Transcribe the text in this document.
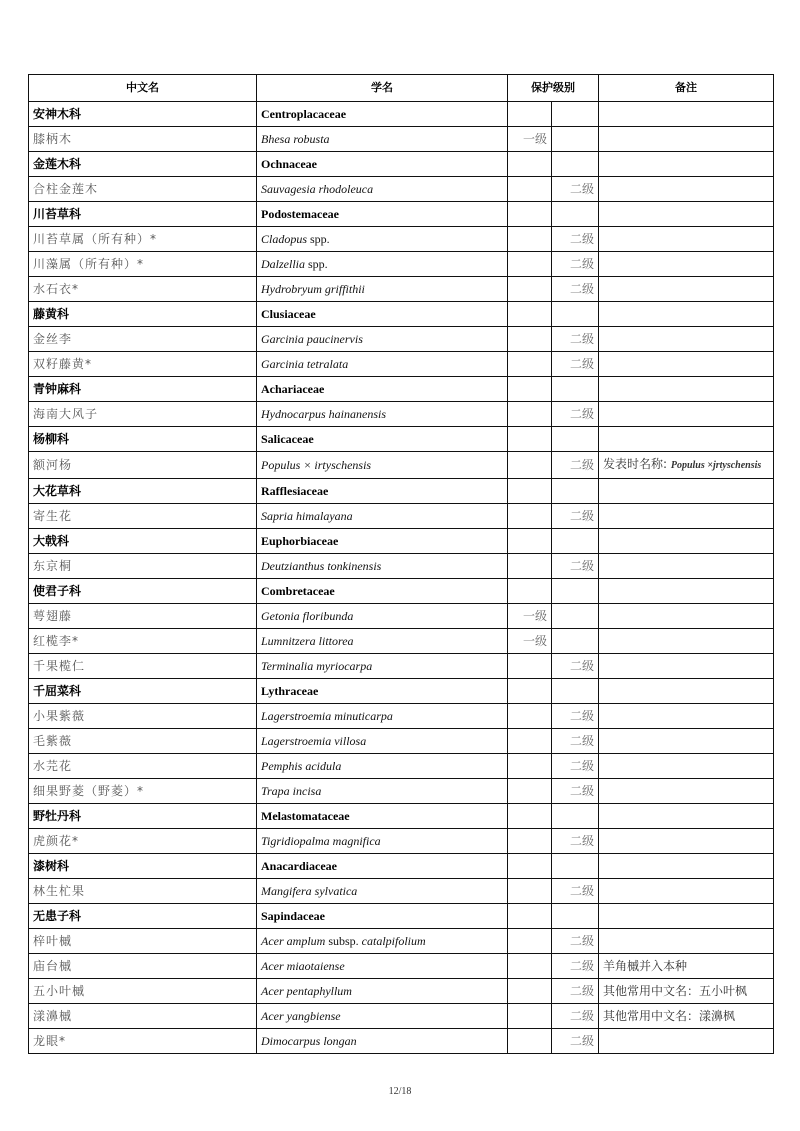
中文名	学名	保护级别		备注
安神木科	Centroplacaceae			
膝柄木	Bhesa robusta	一级		
金莲木科	Ochnaceae			
合柱金莲木	Sauvagesia rhodoleuca		二级	
川苔草科	Podostemaceae			
川苔草属（所有种）*	Cladopus spp.		二级	
川藻属（所有种）*	Dalzellia spp.		二级	
水石衣*	Hydrobryum griffithii		二级	
藤黄科	Clusiaceae			
金丝李	Garcinia paucinervis		二级	
双籽藤黄*	Garcinia tetralata		二级	
青钟麻科	Achariaceae			
海南大风子	Hydnocarpus hainanensis		二级	
杨柳科	Salicaceae			
额河杨	Populus × irtyschensis		二级	发表时名称: Populus ×jrtyschensis
大花草科	Rafflesiaceae			
寄生花	Sapria himalayana		二级	
大戟科	Euphorbiaceae			
东京桐	Deutzianthus tonkinensis		二级	
使君子科	Combretaceae			
萼翅藤	Getonia floribunda	一级		
红榄李*	Lumnitzera littorea	一级		
千果榄仁	Terminalia myriocarpa		二级	
千屈菜科	Lythraceae			
小果紫薇	Lagerstroemia minuticarpa		二级	
毛紫薇	Lagerstroemia villosa		二级	
水芫花	Pemphis acidula		二级	
细果野菱（野菱）*	Trapa incisa		二级	
野牡丹科	Melastomataceae			
虎颜花*	Tigridiopalma magnifica		二级	
漆树科	Anacardiaceae			
林生杧果	Mangifera sylvatica		二级	
无患子科	Sapindaceae			
梓叶槭	Acer amplum subsp. catalpifolium		二级	
庙台槭	Acer miaotaiense		二级	羊角槭并入本种
五小叶槭	Acer pentaphyllum		二级	其他常用中文名：五小叶枫
漾濞槭	Acer yangbiense		二级	其他常用中文名：漾濞枫
龙眼*	Dimocarpus longan		二级	
12/18
